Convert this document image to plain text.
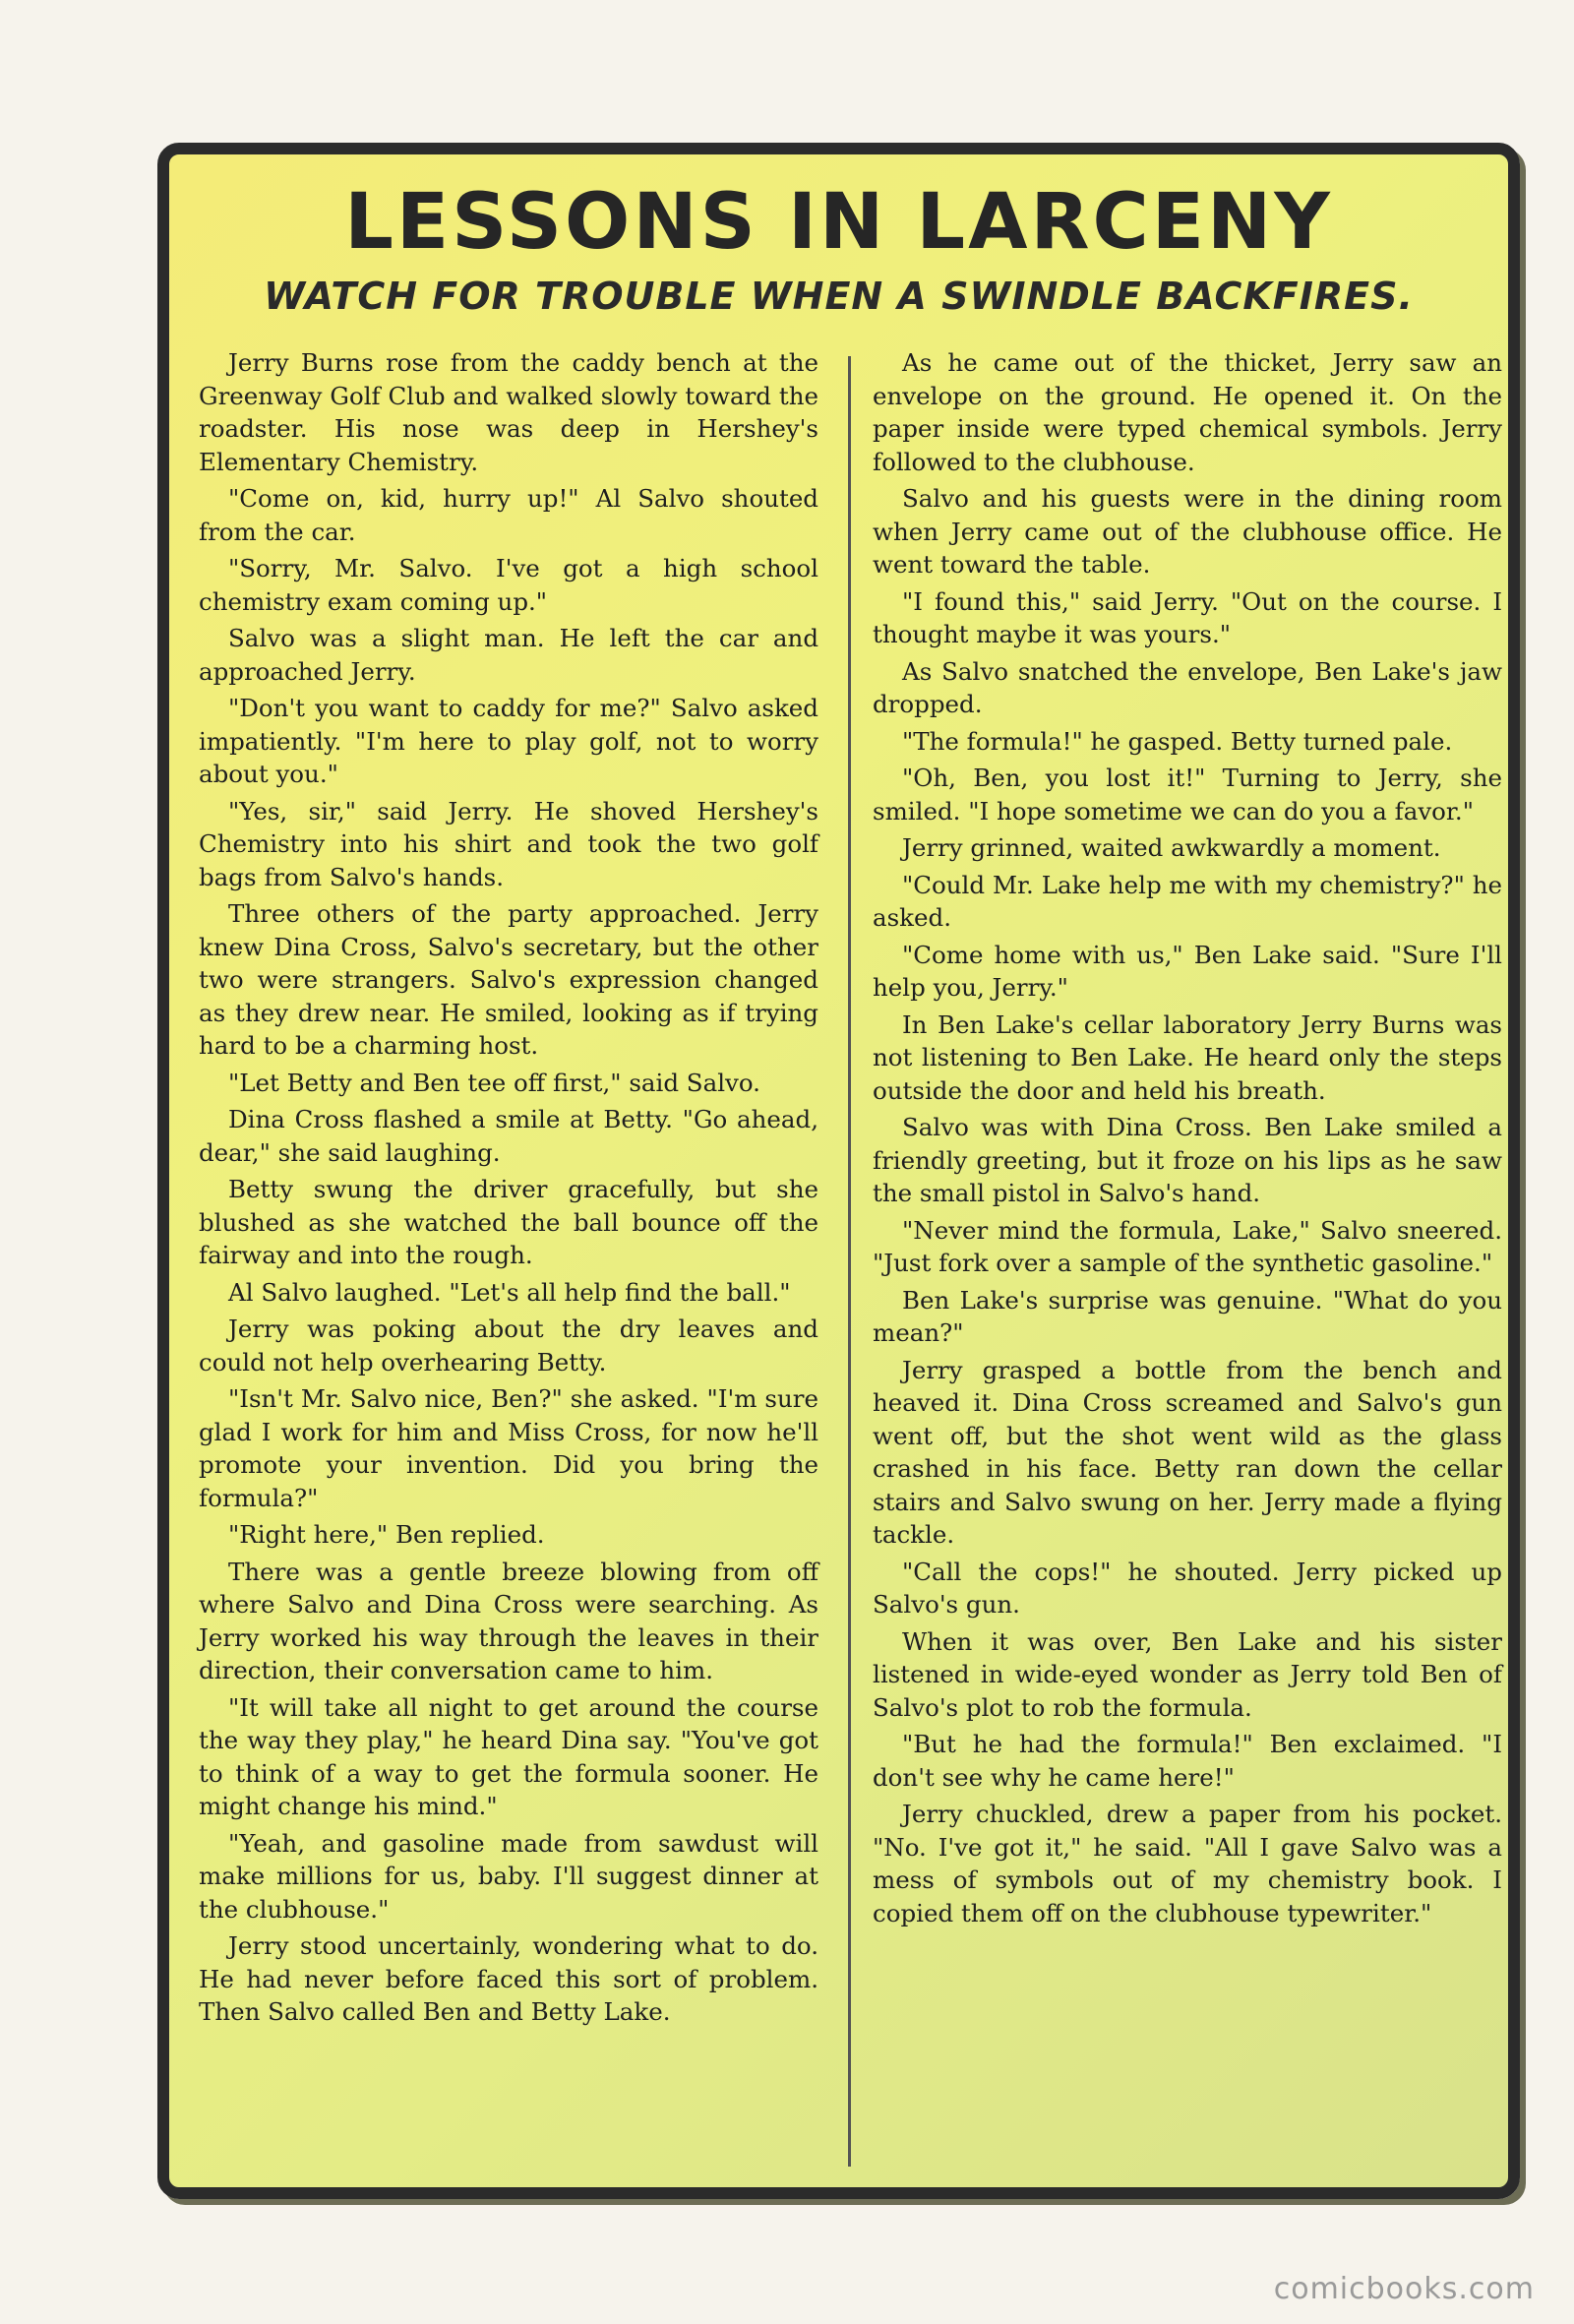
LESSONS IN LARCENY
WATCH FOR TROUBLE WHEN A SWINDLE BACKFIRES.

Jerry Burns rose from the caddy bench at the Greenway Golf Club and walked slowly toward the roadster. His nose was deep in Hershey's Elementary Chemistry.

"Come on, kid, hurry up!" Al Salvo shouted from the car.

"Sorry, Mr. Salvo. I've got a high school chemistry exam coming up."

Salvo was a slight man. He left the car and approached Jerry.

"Don't you want to caddy for me?" Salvo asked impatiently. "I'm here to play golf, not to worry about you."

"Yes, sir," said Jerry. He shoved Hershey's Chemistry into his shirt and took the two golf bags from Salvo's hands.

Three others of the party approached. Jerry knew Dina Cross, Salvo's secretary, but the other two were strangers. Salvo's expression changed as they drew near. He smiled, looking as if trying hard to be a charming host.

"Let Betty and Ben tee off first," said Salvo.

Dina Cross flashed a smile at Betty. "Go ahead, dear," she said laughing.

Betty swung the driver gracefully, but she blushed as she watched the ball bounce off the fairway and into the rough.

Al Salvo laughed. "Let's all help find the ball."

Jerry was poking about the dry leaves and could not help overhearing Betty.

"Isn't Mr. Salvo nice, Ben?" she asked. "I'm sure glad I work for him and Miss Cross, for now he'll promote your invention. Did you bring the formula?"

"Right here," Ben replied.

There was a gentle breeze blowing from off where Salvo and Dina Cross were searching. As Jerry worked his way through the leaves in their direction, their conversation came to him.

"It will take all night to get around the course the way they play," he heard Dina say. "You've got to think of a way to get the formula sooner. He might change his mind."

"Yeah, and gasoline made from sawdust will make millions for us, baby. I'll suggest dinner at the clubhouse."

Jerry stood uncertainly, wondering what to do. He had never before faced this sort of problem. Then Salvo called Ben and Betty Lake.

As he came out of the thicket, Jerry saw an envelope on the ground. He opened it. On the paper inside were typed chemical symbols. Jerry followed to the clubhouse.

Salvo and his guests were in the dining room when Jerry came out of the clubhouse office. He went toward the table.

"I found this," said Jerry. "Out on the course. I thought maybe it was yours."

As Salvo snatched the envelope, Ben Lake's jaw dropped.

"The formula!" he gasped. Betty turned pale.

"Oh, Ben, you lost it!" Turning to Jerry, she smiled. "I hope sometime we can do you a favor."

Jerry grinned, waited awkwardly a moment.

"Could Mr. Lake help me with my chemistry?" he asked.

"Come home with us," Ben Lake said. "Sure I'll help you, Jerry."

In Ben Lake's cellar laboratory Jerry Burns was not listening to Ben Lake. He heard only the steps outside the door and held his breath.

Salvo was with Dina Cross. Ben Lake smiled a friendly greeting, but it froze on his lips as he saw the small pistol in Salvo's hand.

"Never mind the formula, Lake," Salvo sneered. "Just fork over a sample of the synthetic gasoline."

Ben Lake's surprise was genuine. "What do you mean?"

Jerry grasped a bottle from the bench and heaved it. Dina Cross screamed and Salvo's gun went off, but the shot went wild as the glass crashed in his face. Betty ran down the cellar stairs and Salvo swung on her. Jerry made a flying tackle.

"Call the cops!" he shouted. Jerry picked up Salvo's gun.

When it was over, Ben Lake and his sister listened in wide-eyed wonder as Jerry told Ben of Salvo's plot to rob the formula.

"But he had the formula!" Ben exclaimed. "I don't see why he came here!"

Jerry chuckled, drew a paper from his pocket. "No. I've got it," he said. "All I gave Salvo was a mess of symbols out of my chemistry book. I copied them off on the clubhouse typewriter."

comicbooks.com
